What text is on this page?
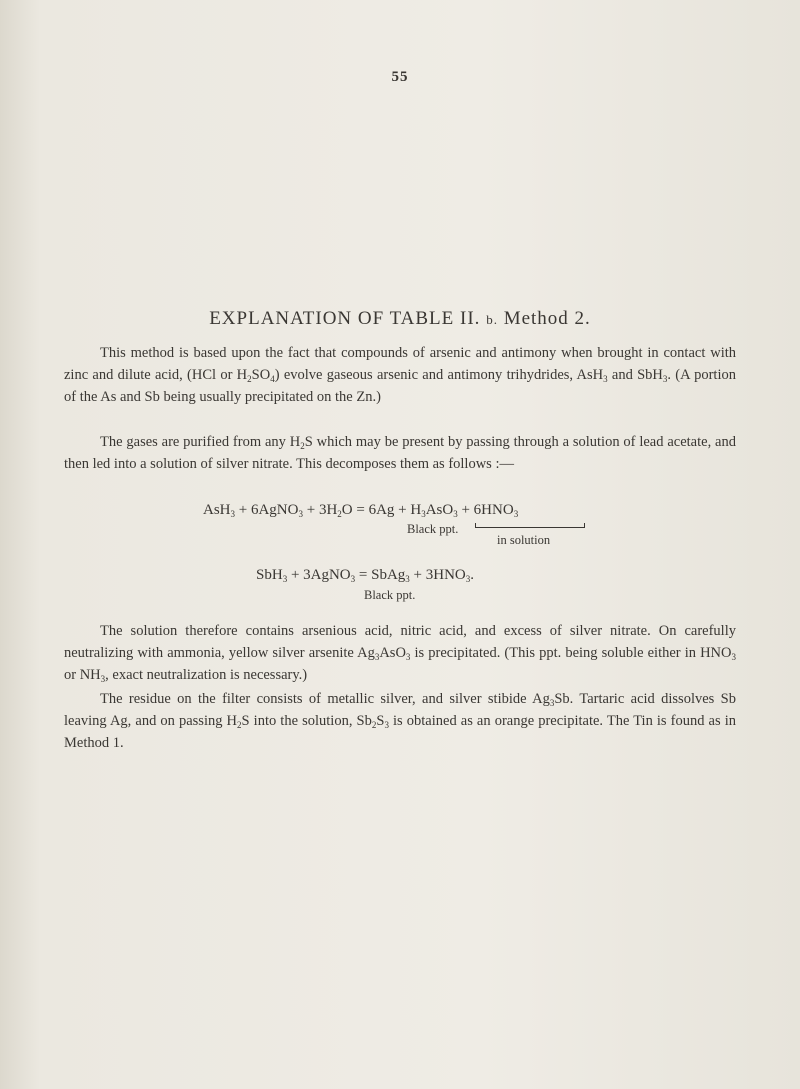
55
EXPLANATION OF TABLE II. b. Method 2.

This method is based upon the fact that compounds of arsenic and antimony when brought in contact with zinc and dilute acid, (HCl or $H_2SO_4$) evolve gaseous arsenic and antimony trihydrides, AsH$_3$ and SbH$_3$. (A portion of the As and Sb being usually precipitated on the Zn.)

The gases are purified from any $H_2S$ which may be present by passing through a solution of lead acetate, and then led into a solution of silver nitrate. This decomposes them as follows :—

AsH$_3$ + 6AgNO$_3$ + $3H_2O = 6Ag + H_3AsO_3 + 6HNO_3$
Black ppt.
in solution
SbH$_3$ + 3AgNO$_3$ = SbAg$_3$ + $3HNO_3$.
Black ppt.

The solution therefore contains arsenious acid, nitric acid, and excess of silver nitrate. On carefully neutralizing with ammonia, yellow silver arsenite $Ag_3AsO_3$ is precipitated. (This ppt. being soluble either in $HNO_3$ or $NH_3$, exact neutralization is necessary.)

The residue on the filter consists of metallic silver, and silver stibide $Ag_3Sb$. Tartaric acid dissolves Sb leaving Ag, and on passing $H_2S$ into the solution, $Sb_2S_3$ is obtained as an orange precipitate. The Tin is found as in Method 1.
